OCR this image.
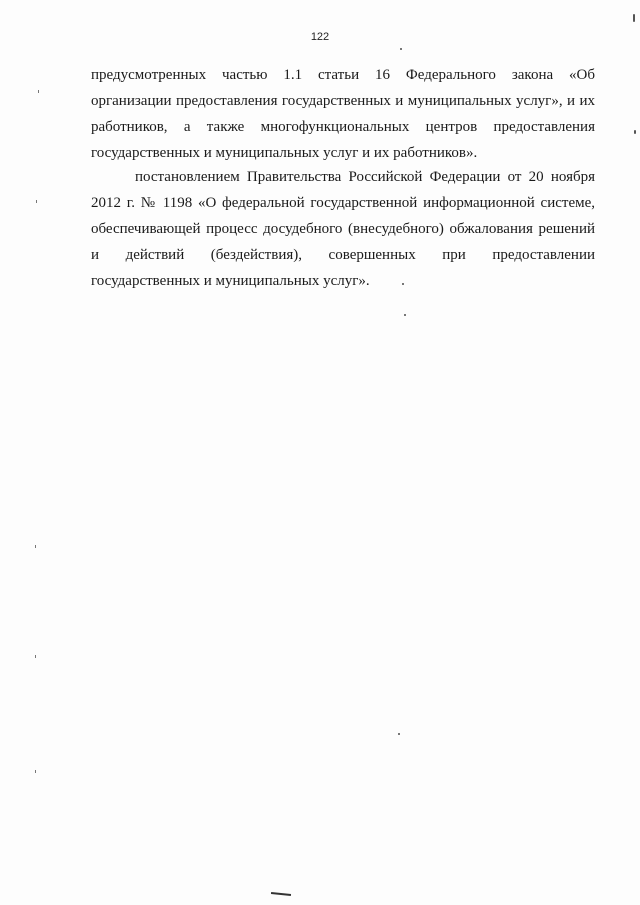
122
предусмотренных частью 1.1 статьи 16 Федерального закона «Об
организации предоставления государственных и муниципальных услуг», и их
работников, а также многофункциональных центров предоставления
государственных и муниципальных услуг и их работников».
постановлением Правительства Российской Федерации от 20 ноября
2012 г. № 1198 «О федеральной государственной информационной системе,
обеспечивающей процесс досудебного (внесудебного) обжалования решений
и действий (бездействия), совершенных при предоставлении
государственных и муниципальных услуг».
